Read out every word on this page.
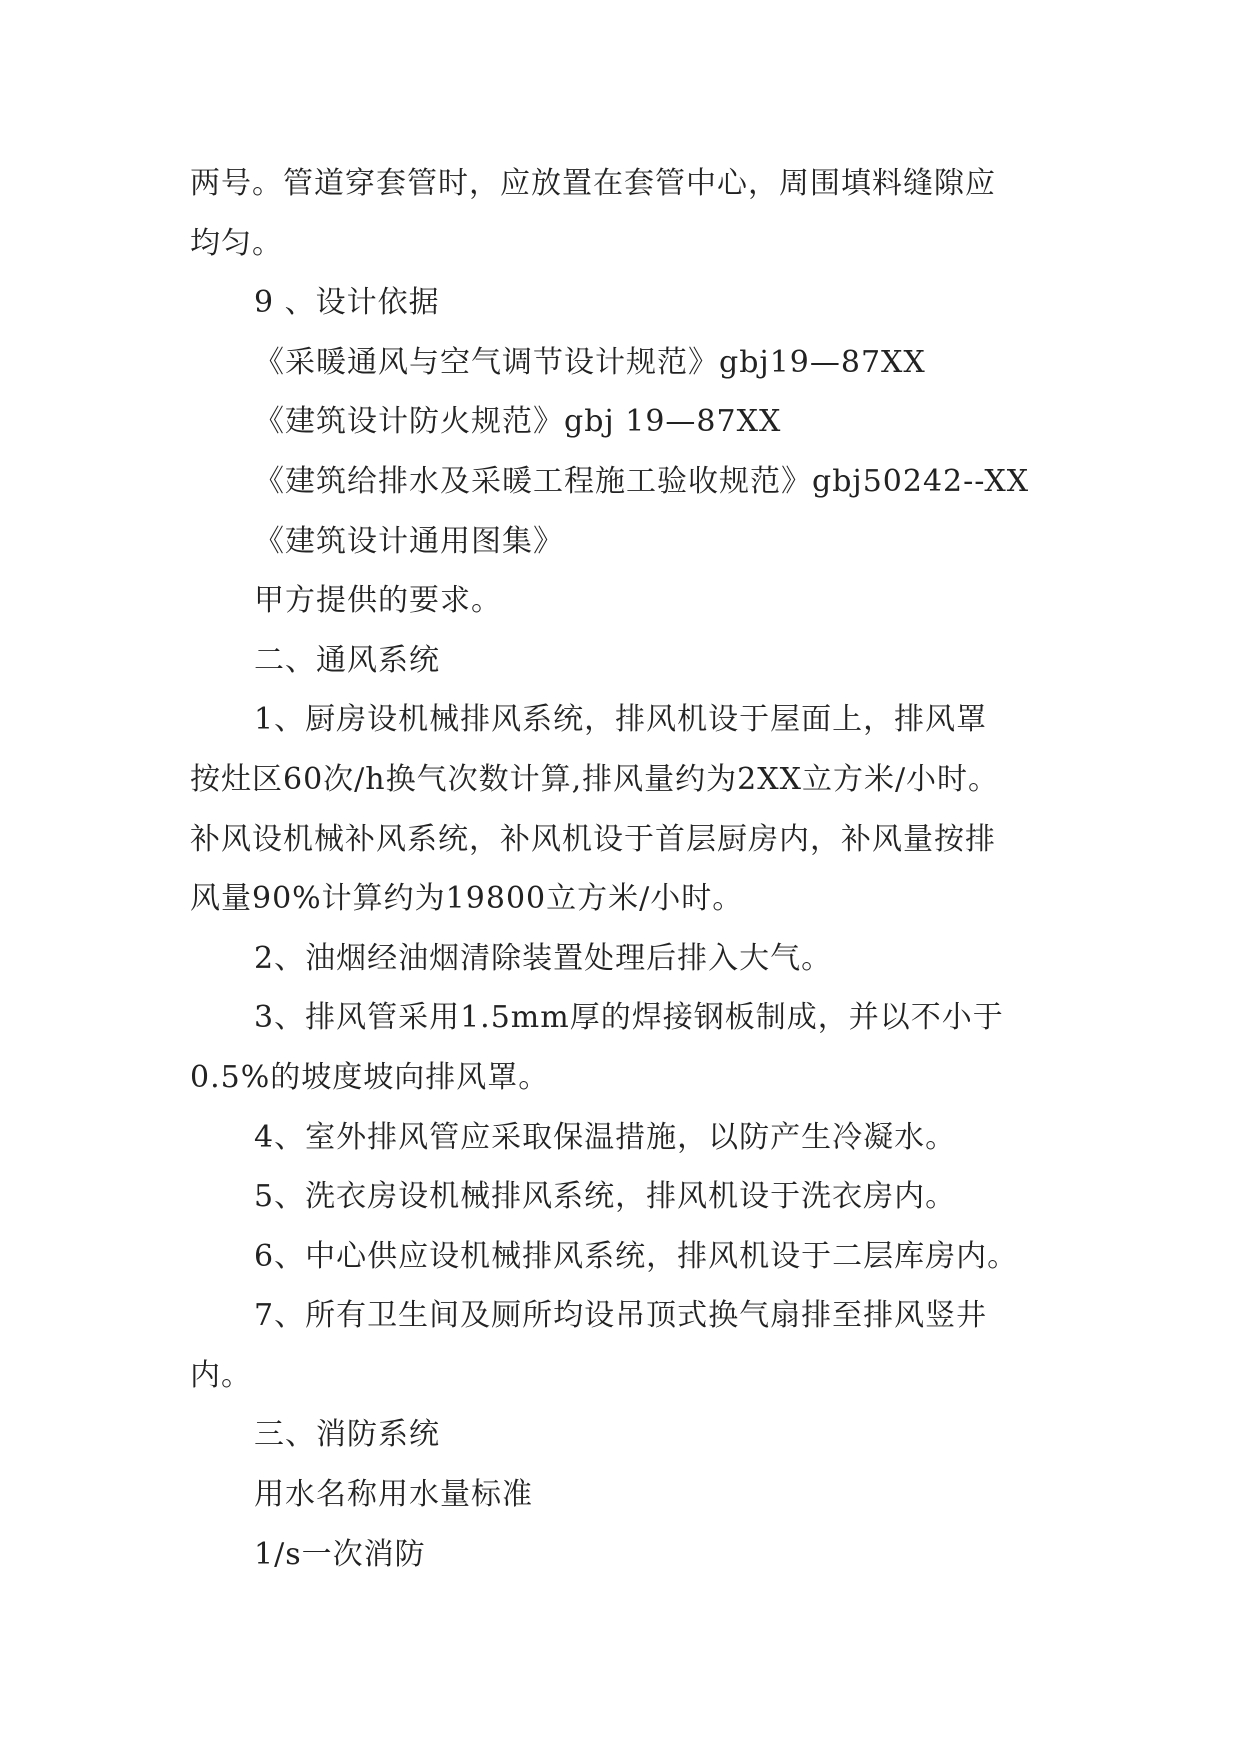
两号。管道穿套管时，应放置在套管中心，周围填料缝隙应

均匀。

9 、设计依据

《采暖通风与空气调节设计规范》gbj19—87XX

《建筑设计防火规范》gbj 19—87XX

《建筑给排水及采暖工程施工验收规范》gbj50242--XX

《建筑设计通用图集》

甲方提供的要求。

二、通风系统

1、厨房设机械排风系统，排风机设于屋面上，排风罩

按灶区60次/h换气次数计算,排风量约为2XX立方米/小时。

补风设机械补风系统，补风机设于首层厨房内，补风量按排

风量90%计算约为19800立方米/小时。

2、油烟经油烟清除装置处理后排入大气。

3、排风管采用1.5mm厚的焊接钢板制成，并以不小于

0.5%的坡度坡向排风罩。

4、室外排风管应采取保温措施，以防产生冷凝水。

5、洗衣房设机械排风系统，排风机设于洗衣房内。

6、中心供应设机械排风系统，排风机设于二层库房内。

7、所有卫生间及厕所均设吊顶式换气扇排至排风竖井

内。

三、消防系统

用水名称用水量标准

1/s一次消防
